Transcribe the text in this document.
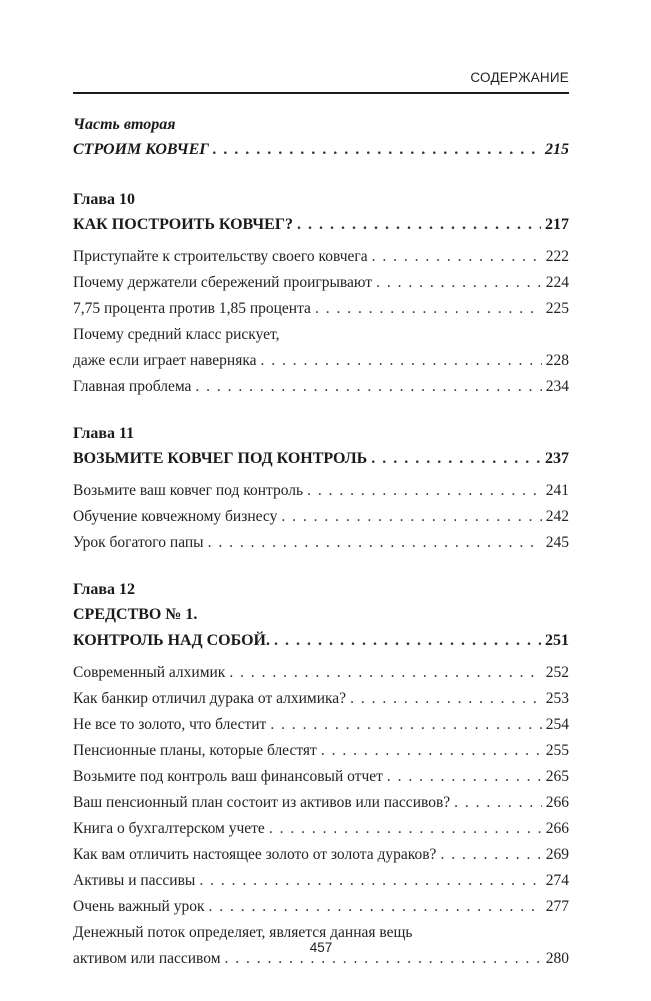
СОДЕРЖАНИЕ
Часть вторая
СТРОИМ КОВЧЕГ . . .	215
Глава 10
КАК ПОСТРОИТЬ КОВЧЕГ? . . .	217
Приступайте к строительству своего ковчега . . .	222
Почему держатели сбережений проигрывают . . .	224
7,75 процента против 1,85 процента . . .	225
Почему средний класс рискует,
даже если играет наверняка . . .	228
Главная проблема . . .	234
Глава 11
ВОЗЬМИТЕ КОВЧЕГ ПОД КОНТРОЛЬ . . .	237
Возьмите ваш ковчег под контроль . . .	241
Обучение ковчежному бизнесу . . .	242
Урок богатого папы . . .	245
Глава 12
СРЕДСТВО № 1.
КОНТРОЛЬ НАД СОБОЙ. . . .	251
Современный алхимик . . .	252
Как банкир отличил дурака от алхимика? . . .	253
Не все то золото, что блестит . . .	254
Пенсионные планы, которые блестят . . .	255
Возьмите под контроль ваш финансовый отчет . . .	265
Ваш пенсионный план состоит из активов или пассивов? . . .	266
Книга о бухгалтерском учете . . .	266
Как вам отличить настоящее золото от золота дураков? . . .	269
Активы и пассивы . . .	274
Очень важный урок . . .	277
Денежный поток определяет, является данная вещь
активом или пассивом . . .	280
457
